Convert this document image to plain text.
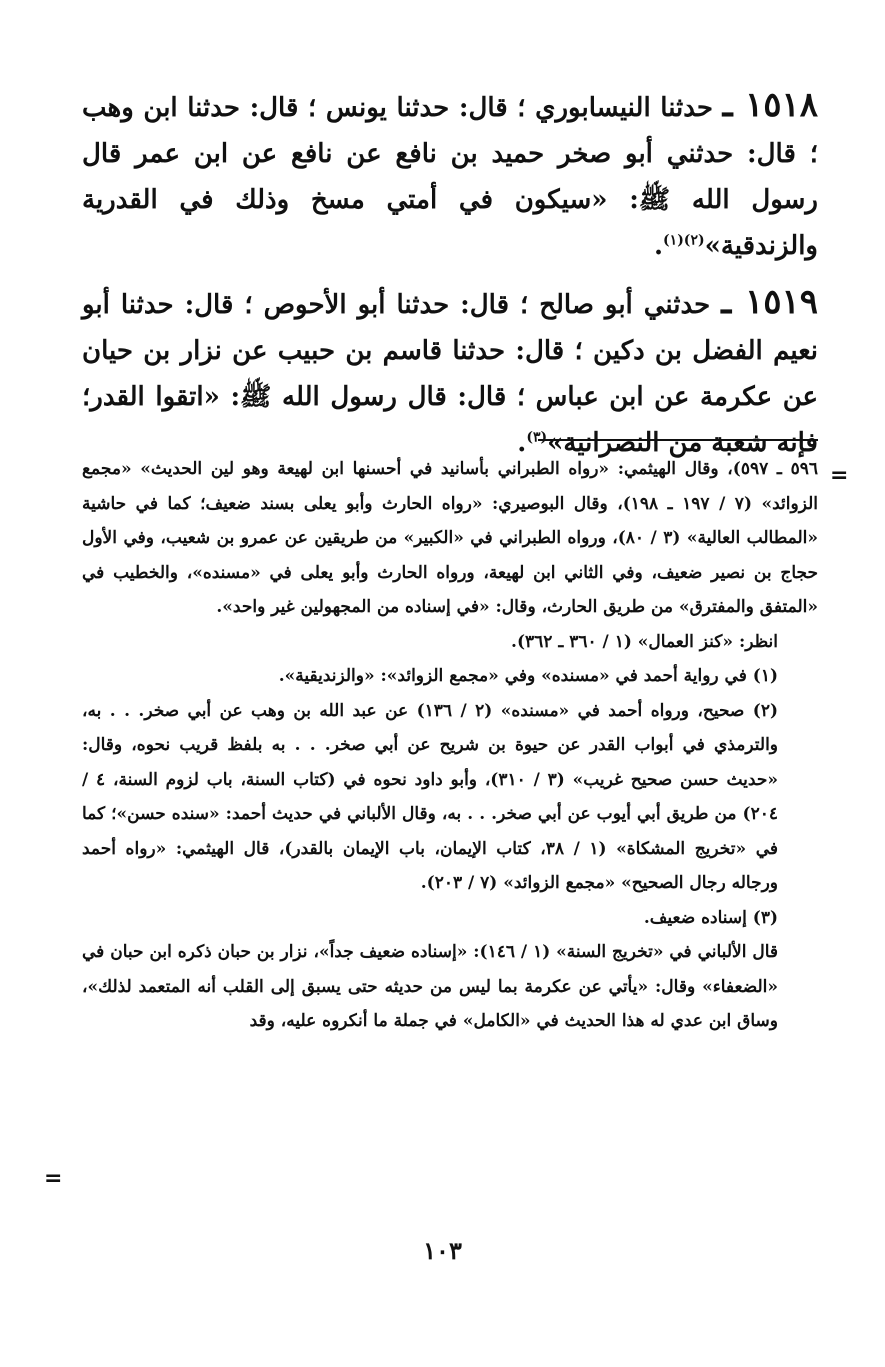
١٥١٨ ـ حدثنا النيسابوري ؛ قال: حدثنا يونس ؛ قال: حدثنا ابن وهب ؛ قال: حدثني أبو صخر حميد بن نافع عن نافع عن ابن عمر قال رسول الله ﷺ: «سيكون في أمتي مسخ وذلك في القدرية والزندقية»$^{(٢)(١)}$.

١٥١٩ ـ حدثني أبو صالح ؛ قال: حدثنا أبو الأحوص ؛ قال: حدثنا أبو نعيم الفضل بن دكين ؛ قال: حدثنا قاسم بن حبيب عن نزار بن حيان عن عكرمة عن ابن عباس ؛ قال: قال رسول الله ﷺ: «اتقوا القدر؛ فإنه شعبة من النصرانية»$^{(٣)}$.

=

٥٩٦ ـ ٥٩٧)، وقال الهيثمي: «رواه الطبراني بأسانيد في أحسنها ابن لهيعة وهو لين الحديث» «مجمع الزوائد» (٧ / ١٩٧ ـ ١٩٨)، وقال البوصيري: «رواه الحارث وأبو يعلى بسند ضعيف؛ كما في حاشية «المطالب العالية» (٣ / ٨٠)، ورواه الطبراني في «الكبير» من طريقين عن عمرو بن شعيب، وفي الأول حجاج بن نصير ضعيف، وفي الثاني ابن لهيعة، ورواه الحارث وأبو يعلى في «مسنده»، والخطيب في «المتفق والمفترق» من طريق الحارث، وقال: «في إسناده من المجهولين غير واحد».

انظر: «كنز العمال» (١ / ٣٦٠ ـ ٣٦٢).

(١) في رواية أحمد في «مسنده» وفي «مجمع الزوائد»: «والزنديقية».

(٢) صحيح، ورواه أحمد في «مسنده» (٢ / ١٣٦) عن عبد الله بن وهب عن أبي صخر. . . به، والترمذي في أبواب القدر عن حيوة بن شريح عن أبي صخر. . . به بلفظ قريب نحوه، وقال: «حديث حسن صحيح غريب» (٣ / ٣١٠)، وأبو داود نحوه في (كتاب السنة، باب لزوم السنة، ٤ / ٢٠٤) من طريق أبي أيوب عن أبي صخر. . . به، وقال الألباني في حديث أحمد: «سنده حسن»؛ كما في «تخريج المشكاة» (١ / ٣٨، كتاب الإيمان، باب الإيمان بالقدر)، قال الهيثمي: «رواه أحمد ورجاله رجال الصحيح» «مجمع الزوائد» (٧ / ٢٠٣).

(٣) إسناده ضعيف.

قال الألباني في «تخريج السنة» (١ / ١٤٦): «إسناده ضعيف جداً»، نزار بن حبان ذكره ابن حبان في «الضعفاء» وقال: «يأتي عن عكرمة بما ليس من حديثه حتى يسبق إلى القلب أنه المتعمد لذلك»، وساق ابن عدي له هذا الحديث في «الكامل» في جملة ما أنكروه عليه، وقد

=
١٠٣
